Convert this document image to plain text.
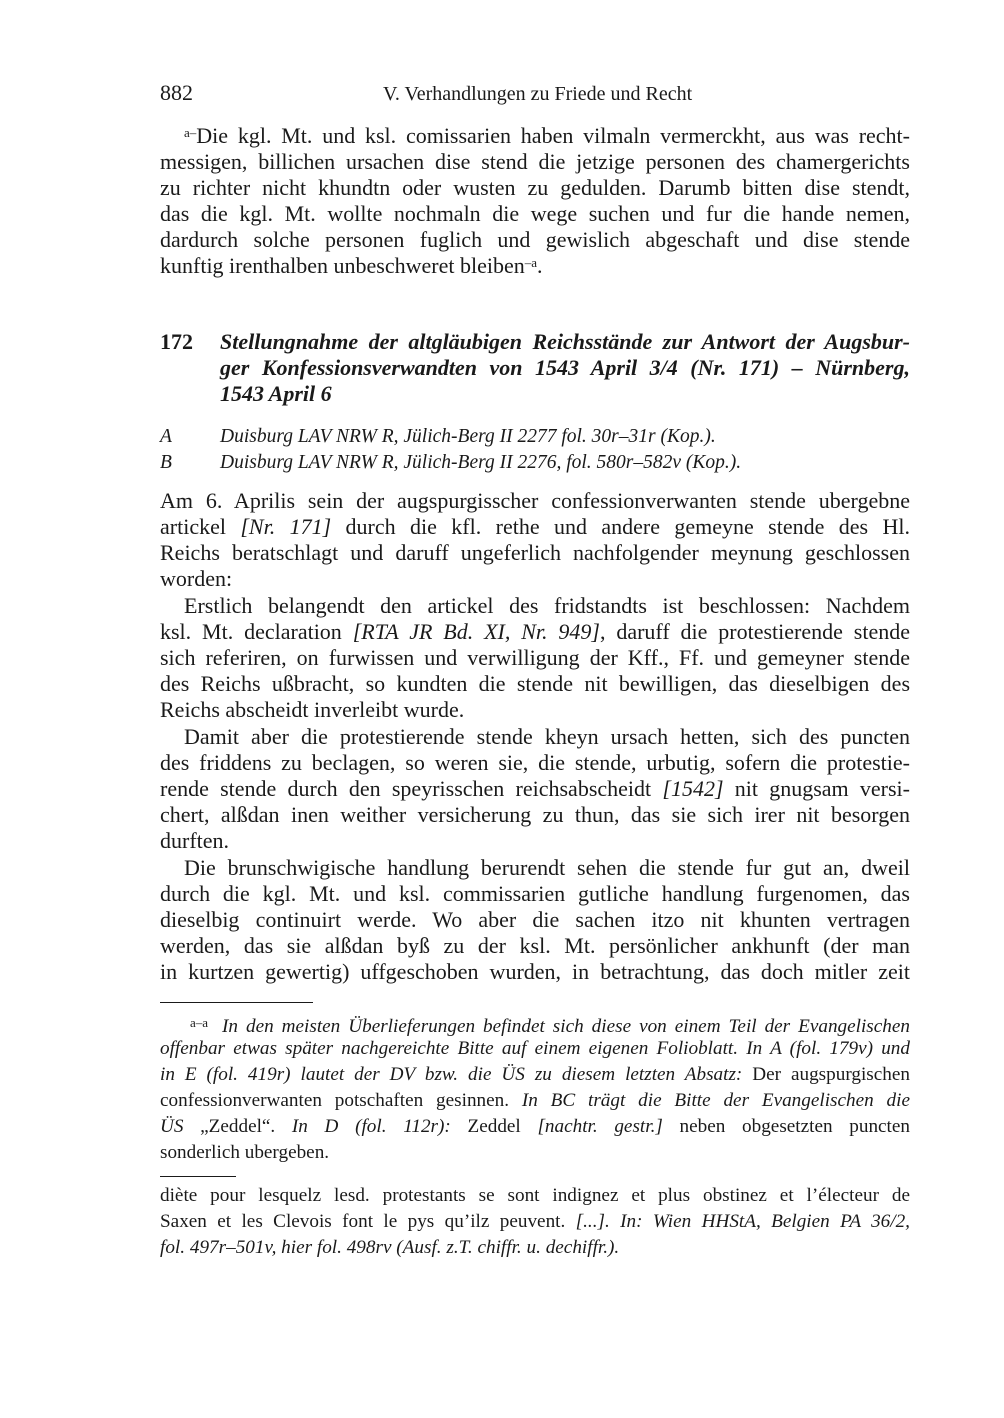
882	V. Verhandlungen zu Friede und Recht
$^{a-}$Die kgl. Mt. und ksl. comissarien haben vilmaln vermerckht, aus was recht-
messigen, billichen ursachen dise stend die jetzige personen des chamergerichts
zu richter nicht khundtn oder wusten zu gedulden. Darumb bitten dise stendt,
das die kgl. Mt. wollte nochmaln die wege suchen und fur die hande nemen,
dardurch solche personen fuglich und gewislich abgeschaft und dise stende
kunftig irenthalben unbeschweret bleiben$^{-a}$.
172 Stellungnahme der altgläubigen Reichsstände zur Antwort der Augsbur-
ger Konfessionsverwandten von 1543 April 3/4 (Nr. 171) – Nürnberg,
1543 April 6
A Duisburg LAV NRW R, Jülich-Berg II 2277 fol. 30r–31r (Kop.).
B Duisburg LAV NRW R, Jülich-Berg II 2276, fol. 580r–582v (Kop.).
Am 6. Aprilis sein der augspurgisscher confessionverwanten stende ubergebne
artickel [Nr. 171] durch die kfl. rethe und andere gemeyne stende des Hl.
Reichs beratschlagt und daruff ungeferlich nachfolgender meynung geschlossen
worden:
Erstlich belangendt den artickel des fridstandts ist beschlossen: Nachdem
ksl. Mt. declaration [RTA JR Bd. XI, Nr. 949], daruff die protestierende stende
sich referiren, on furwissen und verwilligung der Kff., Ff. und gemeyner stende
des Reichs ußbracht, so kundten die stende nit bewilligen, das dieselbigen des
Reichs abscheidt inverleibt wurde.
Damit aber die protestierende stende kheyn ursach hetten, sich des puncten
des friddens zu beclagen, so weren sie, die stende, urbutig, sofern die protestie-
rende stende durch den speyrisschen reichsabscheidt [1542] nit gnugsam versi-
chert, alßdan inen weither versicherung zu thun, das sie sich irer nit besorgen
durften.
Die brunschwigische handlung berurendt sehen die stende fur gut an, dweil
durch die kgl. Mt. und ksl. commissarien gutliche handlung furgenomen, das
dieselbig continuirt werde. Wo aber die sachen itzo nit khunten vertragen
werden, das sie alßdan byß zu der ksl. Mt. persönlicher ankhunft (der man
in kurtzen gewertig) uffgeschoben wurden, in betrachtung, das doch mitler zeit
$^{a-a}$ In den meisten Überlieferungen befindet sich diese von einem Teil der Evangelischen
offenbar etwas später nachgereichte Bitte auf einem eigenen Folioblatt. In A (fol. 179v) und
in E (fol. 419r) lautet der DV bzw. die ÜS zu diesem letzten Absatz: Der augspurgischen
confessionverwanten potschaften gesinnen. In BC trägt die Bitte der Evangelischen die
ÜS „Zeddel“. In D (fol. 112r): Zeddel [nachtr. gestr.] neben obgesetzten puncten
sonderlich ubergeben.
diète pour lesquelz lesd. protestants se sont indignez et plus obstinez et l’électeur de
Saxen et les Clevois font le pys qu’ilz peuvent. [...]. In: Wien HHStA, Belgien PA 36/2,
fol. 497r–501v, hier fol. 498rv (Ausf. z.T. chiffr. u. dechiffr.).
